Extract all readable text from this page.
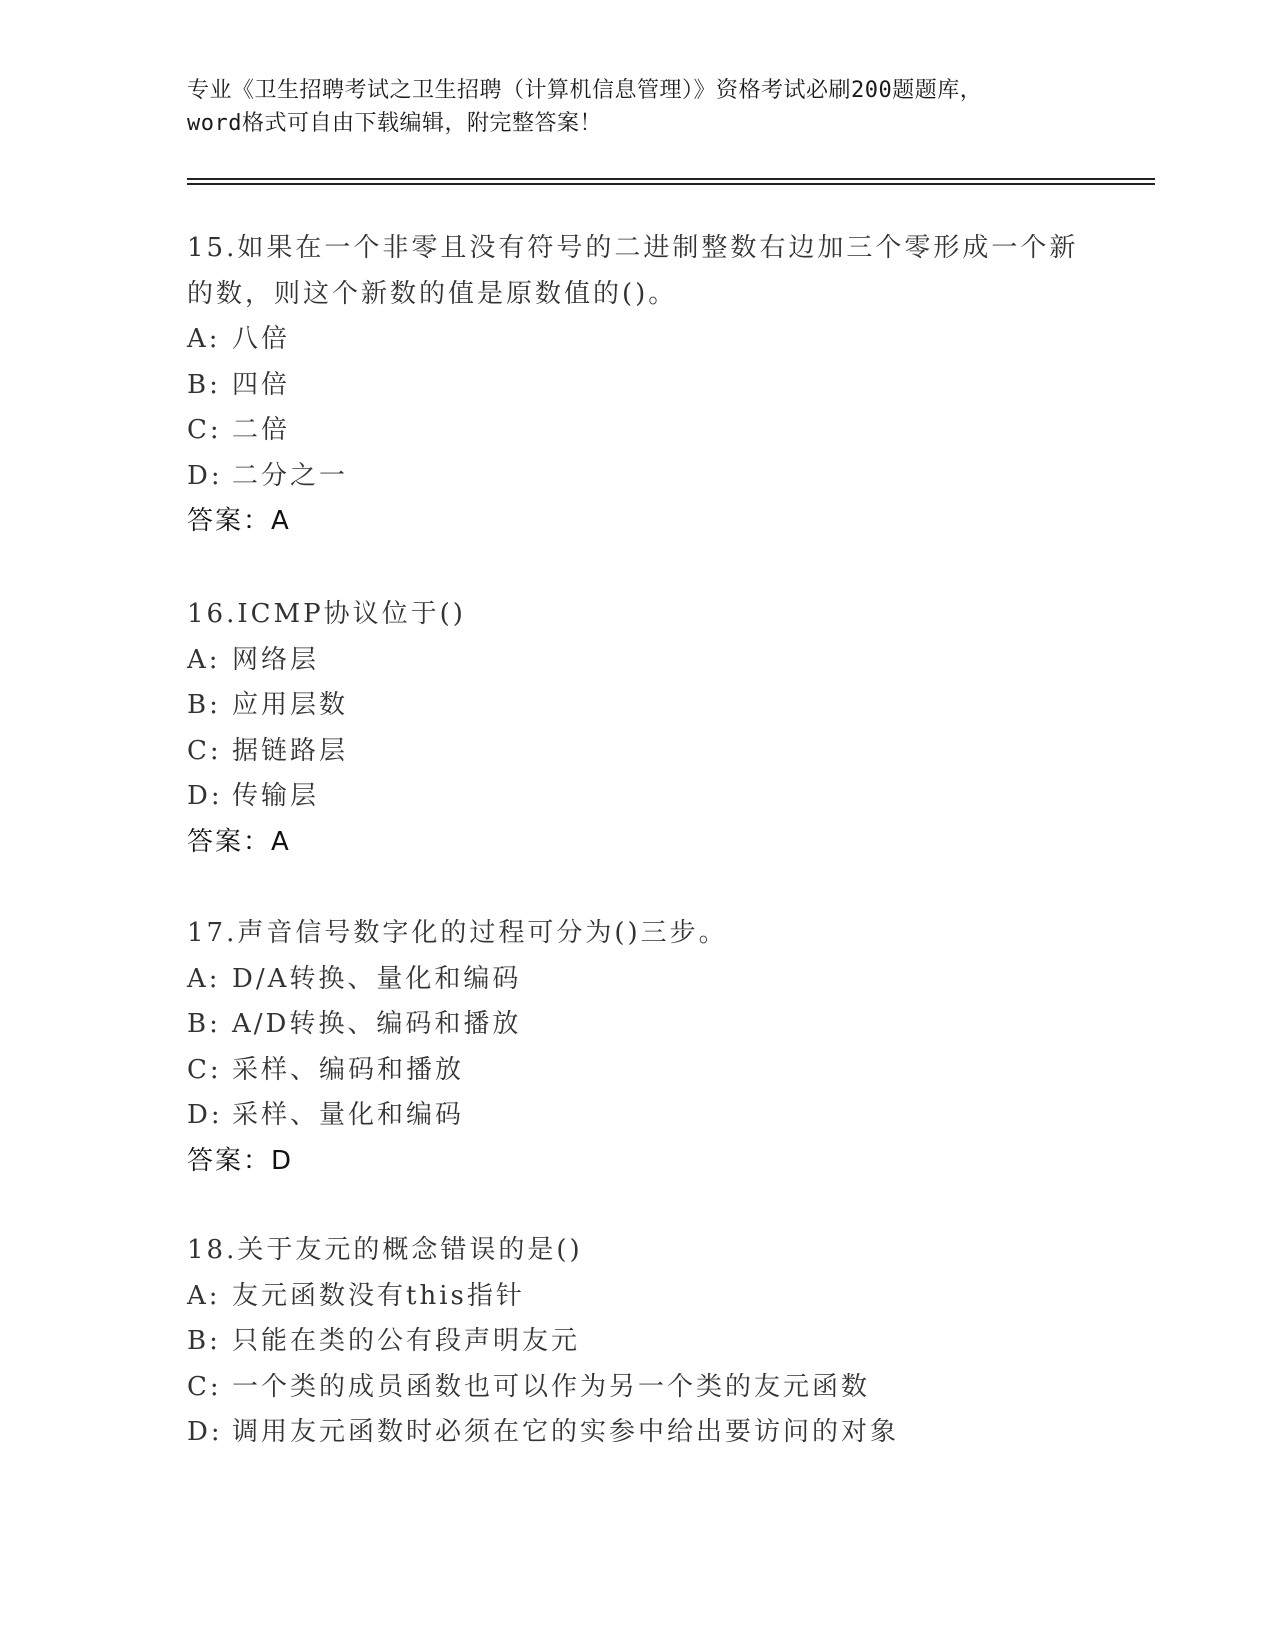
专业《卫生招聘考试之卫生招聘（计算机信息管理）》资格考试必刷200题题库，
word格式可自由下载编辑，附完整答案！
15.如果在一个非零且没有符号的二进制整数右边加三个零形成一个新
的数，则这个新数的值是原数值的()。
A: 八倍
B: 四倍
C: 二倍
D: 二分之一
答案：A
16.ICMP协议位于()
A: 网络层
B: 应用层数
C: 据链路层
D: 传输层
答案：A
17.声音信号数字化的过程可分为()三步。
A: D/A转换、量化和编码
B: A/D转换、编码和播放
C: 采样、编码和播放
D: 采样、量化和编码
答案：D
18.关于友元的概念错误的是()
A: 友元函数没有this指针
B: 只能在类的公有段声明友元
C: 一个类的成员函数也可以作为另一个类的友元函数
D: 调用友元函数时必须在它的实参中给出要访问的对象
